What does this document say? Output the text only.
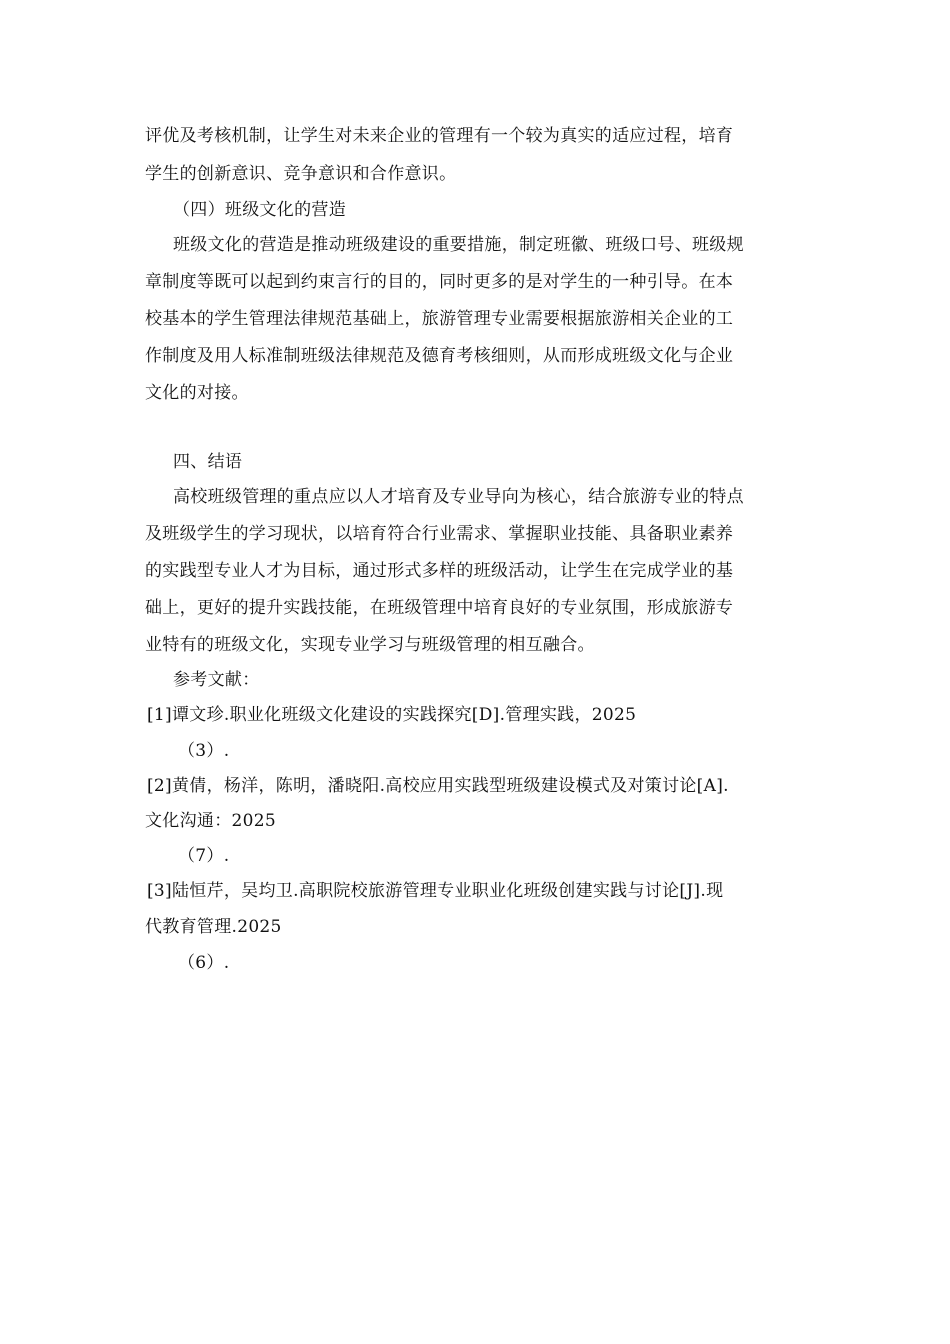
评优及考核机制，让学生对未来企业的管理有一个较为真实的适应过程，培育
学生的创新意识、竞争意识和合作意识。
（四）班级文化的营造
班级文化的营造是推动班级建设的重要措施，制定班徽、班级口号、班级规
章制度等既可以起到约束言行的目的，同时更多的是对学生的一种引导。在本
校基本的学生管理法律规范基础上，旅游管理专业需要根据旅游相关企业的工
作制度及用人标准制班级法律规范及德育考核细则，从而形成班级文化与企业
文化的对接。
四、结语
高校班级管理的重点应以人才培育及专业导向为核心，结合旅游专业的特点
及班级学生的学习现状，以培育符合行业需求、掌握职业技能、具备职业素养
的实践型专业人才为目标，通过形式多样的班级活动，让学生在完成学业的基
础上，更好的提升实践技能，在班级管理中培育良好的专业氛围，形成旅游专
业特有的班级文化，实现专业学习与班级管理的相互融合。
参考文献：
[1]谭文珍.职业化班级文化建设的实践探究[D].管理实践，2025
（3）.
[2]黄倩，杨洋，陈明，潘晓阳.高校应用实践型班级建设模式及对策讨论[A].
文化沟通：2025
（7）.
[3]陆恒芹，吴均卫.高职院校旅游管理专业职业化班级创建实践与讨论[J].现
代教育管理.2025
（6）.
